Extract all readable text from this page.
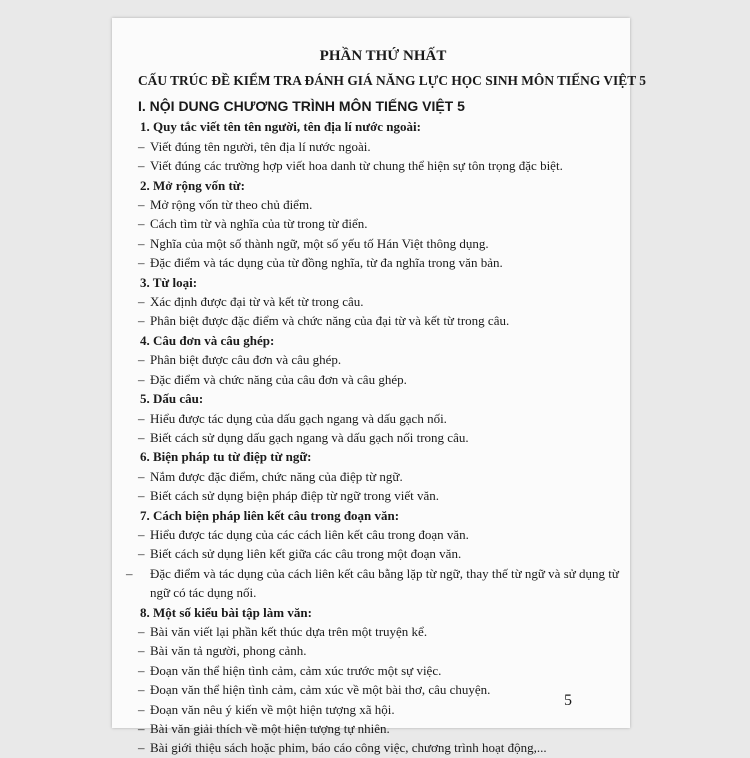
PHẦN THỨ NHẤT
CẤU TRÚC ĐỀ KIỂM TRA ĐÁNH GIÁ NĂNG LỰC HỌC SINH MÔN TIẾNG VIỆT 5
I. NỘI DUNG CHƯƠNG TRÌNH MÔN TIẾNG VIỆT 5
1. Quy tắc viết tên tên người, tên địa lí nước ngoài:
– Viết đúng tên người, tên địa lí nước ngoài.
– Viết đúng các trường hợp viết hoa danh từ chung thể hiện sự tôn trọng đặc biệt.
2. Mở rộng vốn từ:
– Mở rộng vốn từ theo chủ điểm.
– Cách tìm từ và nghĩa của từ trong từ điển.
– Nghĩa của một số thành ngữ, một số yếu tố Hán Việt thông dụng.
– Đặc điểm và tác dụng của từ đồng nghĩa, từ đa nghĩa trong văn bản.
3. Từ loại:
– Xác định được đại từ và kết từ trong câu.
– Phân biệt được đặc điểm và chức năng của đại từ và kết từ trong câu.
4. Câu đơn và câu ghép:
– Phân biệt được câu đơn và câu ghép.
– Đặc điểm và chức năng của câu đơn và câu ghép.
5. Dấu câu:
– Hiểu được tác dụng của dấu gạch ngang và dấu gạch nối.
– Biết cách sử dụng dấu gạch ngang và dấu gạch nối trong câu.
6. Biện pháp tu từ điệp từ ngữ:
– Nắm được đặc điểm, chức năng của điệp từ ngữ.
– Biết cách sử dụng biện pháp điệp từ ngữ trong viết văn.
7. Cách biện pháp liên kết câu trong đoạn văn:
– Hiểu được tác dụng của các cách liên kết câu trong đoạn văn.
– Biết cách sử dụng liên kết giữa các câu trong một đoạn văn.
– Đặc điểm và tác dụng của cách liên kết câu bằng lặp từ ngữ, thay thế từ ngữ và sử dụng từ ngữ có tác dụng nối.
8. Một số kiểu bài tập làm văn:
– Bài văn viết lại phần kết thúc dựa trên một truyện kể.
– Bài văn tả người, phong cảnh.
– Đoạn văn thể hiện tình cảm, cảm xúc trước một sự việc.
– Đoạn văn thể hiện tình cảm, cảm xúc về một bài thơ, câu chuyện.
– Đoạn văn nêu ý kiến về một hiện tượng xã hội.
– Bài văn giải thích về một hiện tượng tự nhiên.
– Bài giới thiệu sách hoặc phim, báo cáo công việc, chương trình hoạt động,...
5
